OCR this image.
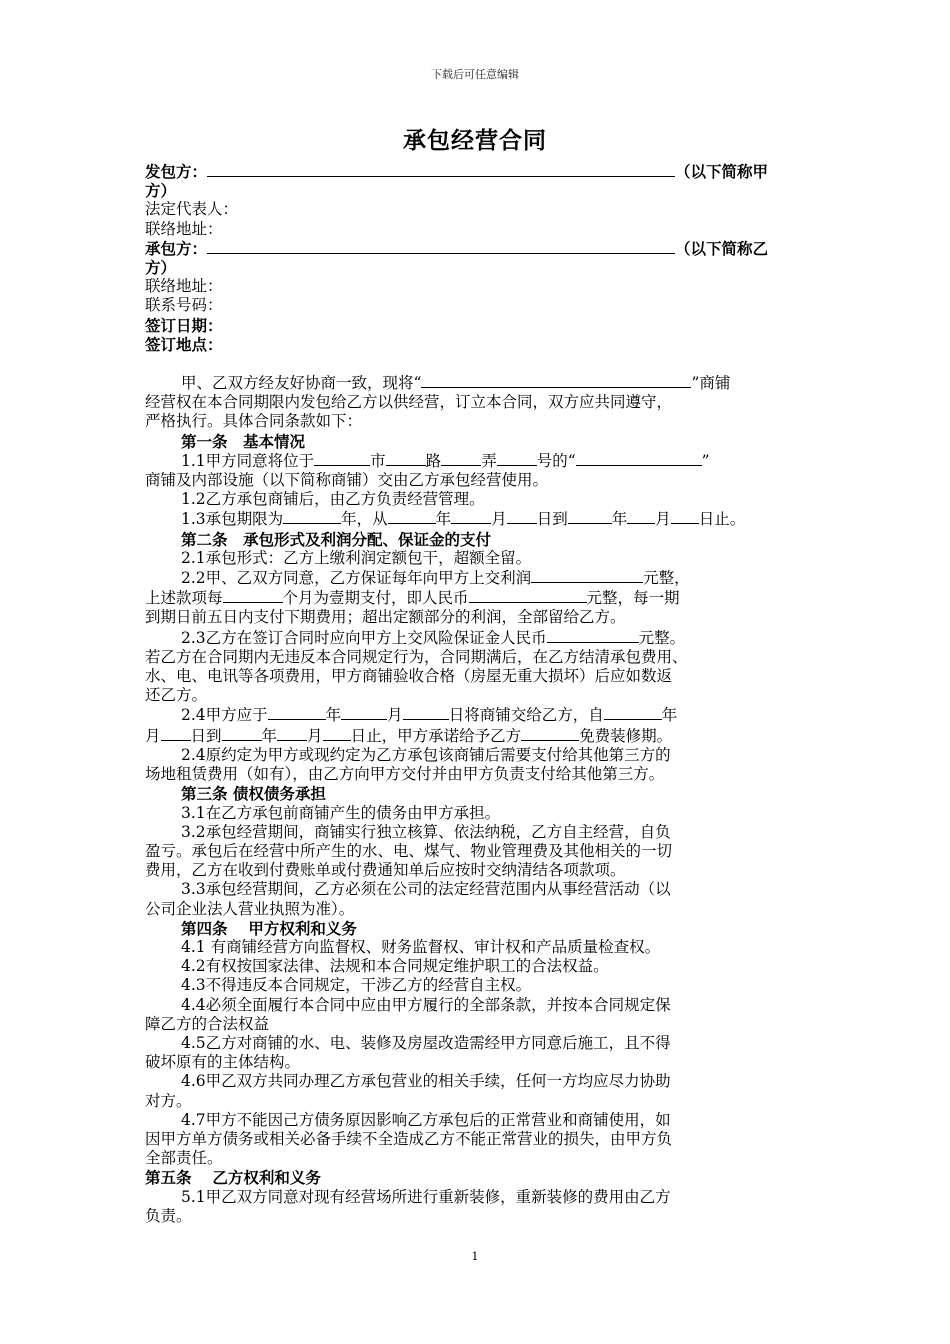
下载后可任意编辑
承包经营合同
发包方：	（以下简称甲
方）
法定代表人：
联络地址：
承包方：	（以下简称乙
方）
联络地址：
联系号码：
签订日期：
签订地点：
甲、乙双方经友好协商一致，现将“	”商铺
经营权在本合同期限内发包给乙方以供经营，订立本合同，双方应共同遵守，
严格执行。具体合同条款如下：
第一条　基本情况
1.1甲方同意将位于	市	路	弄	号的“	”
商铺及内部设施（以下简称商铺）交由乙方承包经营使用。
1.2乙方承包商铺后，由乙方负责经营管理。
1.3承包期限为	年，从	年	月 日到	年 月 日止。
第二条　承包形式及利润分配、保证金的支付
2.1承包形式：乙方上缴利润定额包干，超额全留。
2.2甲、乙双方同意，乙方保证每年向甲方上交利润	元整，
上述款项每	个月为壹期支付，即人民币	元整，每一期
到期日前五日内支付下期费用；超出定额部分的利润，全部留给乙方。
2.3乙方在签订合同时应向甲方上交风险保证金人民币	元整。
若乙方在合同期内无违反本合同规定行为，合同期满后，在乙方结清承包费用、
水、电、电讯等各项费用，甲方商铺验收合格（房屋无重大损坏）后应如数返
还乙方。
2.4甲方应于	年	月	日将商铺交给乙方，自	年
月 日到	年 月 日止，甲方承诺给予乙方	免费装修期。
2.4原约定为甲方或现约定为乙方承包该商铺后需要支付给其他第三方的
场地租赁费用（如有），由乙方向甲方交付并由甲方负责支付给其他第三方。
第三条 债权债务承担
3.1在乙方承包前商铺产生的债务由甲方承担。
3.2承包经营期间，商铺实行独立核算、依法纳税，乙方自主经营，自负
盈亏。承包后在经营中所产生的水、电、煤气、物业管理费及其他相关的一切
费用，乙方在收到付费账单或付费通知单后应按时交纳清结各项款项。
3.3承包经营期间，乙方必须在公司的法定经营范围内从事经营活动（以
公司企业法人营业执照为准）。
第四条　 甲方权利和义务
4.1 有商铺经营方向监督权、财务监督权、审计权和产品质量检查权。
4.2有权按国家法律、法规和本合同规定维护职工的合法权益。
4.3不得违反本合同规定，干涉乙方的经营自主权。
4.4必须全面履行本合同中应由甲方履行的全部条款，并按本合同规定保
障乙方的合法权益
4.5乙方对商铺的水、电、装修及房屋改造需经甲方同意后施工，且不得
破坏原有的主体结构。
4.6甲乙双方共同办理乙方承包营业的相关手续，任何一方均应尽力协助
对方。
4.7甲方不能因己方债务原因影响乙方承包后的正常营业和商铺使用，如
因甲方单方债务或相关必备手续不全造成乙方不能正常营业的损失，由甲方负
全部责任。
第五条　 乙方权利和义务
5.1甲乙双方同意对现有经营场所进行重新装修，重新装修的费用由乙方
负责。
1
